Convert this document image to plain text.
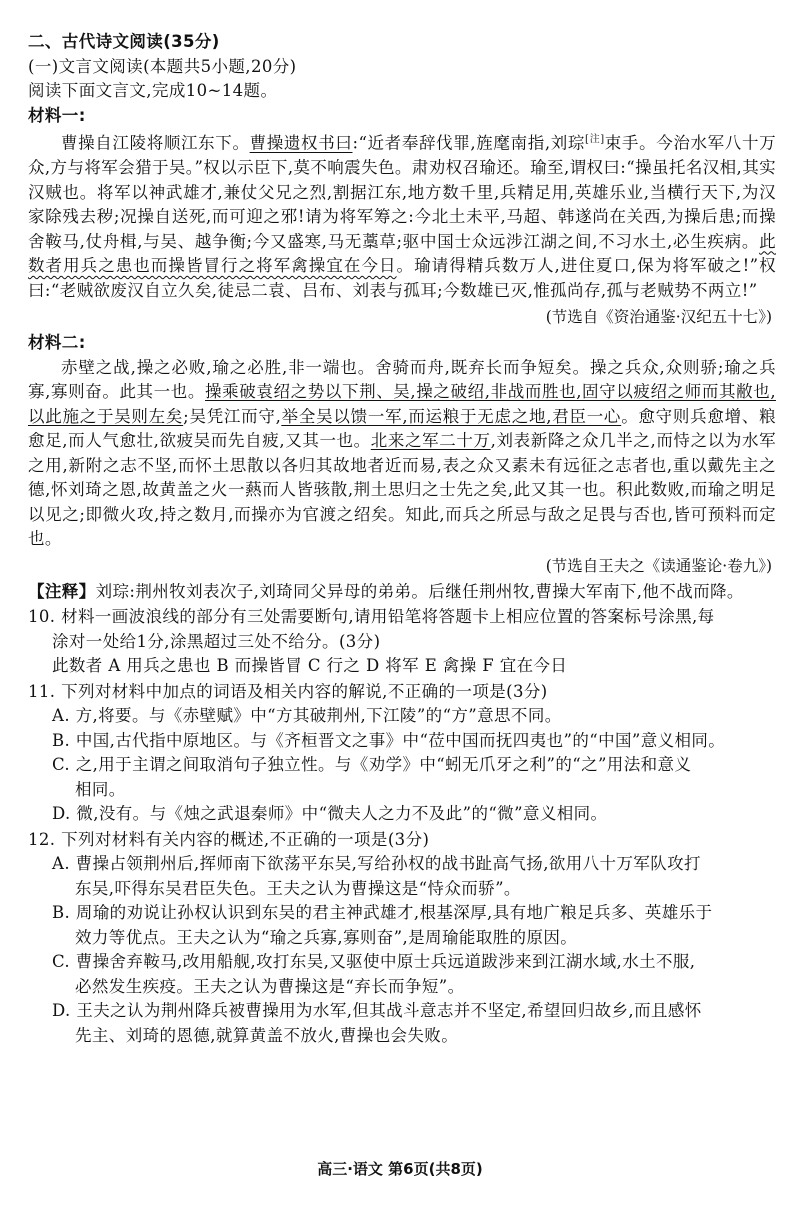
二、古代诗文阅读(35分)
(一)文言文阅读(本题共5小题,20分)
阅读下面文言文,完成10~14题。
材料一:
曹操自江陵将顺江东下。曹操遗权书曰:“近者奉辞伐罪,旌麾南指,刘琮[注]束手。今治水军八十万众,方与将军会猎于吴。”权以示臣下,莫不响震失色。肃劝权召瑜还。瑜至,谓权曰:“操虽托名汉相,其实汉贼也。将军以神武雄才,兼仗父兄之烈,割据江东,地方数千里,兵精足用,英雄乐业,当横行天下,为汉家除残去秽;况操自送死,而可迎之邪!请为将军筹之:今北土未平,马超、韩遂尚在关西,为操后患;而操舍鞍马,仗舟楫,与吴、越争衡;今又盛寒,马无藁草;驱中国士众远涉江湖之间,不习水土,必生疾病。此数者用兵之患也而操皆冒行之将军禽操宜在今日。瑜请得精兵数万人,进住夏口,保为将军破之!”权曰:“老贼欲废汉自立久矣,徒忌二袁、吕布、刘表与孤耳;今数雄已灭,惟孤尚存,孤与老贼势不两立!”
(节选自《资治通鉴·汉纪五十七》)
材料二:
赤壁之战,操之必败,瑜之必胜,非一端也。舍骑而舟,既弃长而争短矣。操之兵众,众则骄;瑜之兵寡,寡则奋。此其一也。操乘破袁绍之势以下荆、吴,操之破绍,非战而胜也,固守以疲绍之师而其敝也,以此施之于吴则左矣;吴凭江而守,举全吴以馈一军,而运粮于无虑之地,君臣一心。愈守则兵愈增、粮愈足,而人气愈壮,欲疲吴而先自疲,又其一也。北来之军二十万,刘表新降之众几半之,而恃之以为水军之用,新附之志不坚,而怀土思散以各归其故地者近而易,表之众又素未有远征之志者也,重以戴先主之德,怀刘琦之恩,故黄盖之火一爇而人皆骇散,荆土思归之士先之矣,此又其一也。积此数败,而瑜之明足以见之;即微火攻,持之数月,而操亦为官渡之绍矣。知此,而兵之所忌与敌之足畏与否也,皆可预料而定也。
(节选自王夫之《读通鉴论·卷九》)
【注释】刘琮:荆州牧刘表次子,刘琦同父异母的弟弟。后继任荆州牧,曹操大军南下,他不战而降。
10. 材料一画波浪线的部分有三处需要断句,请用铅笔将答题卡上相应位置的答案标号涂黑,每
涂对一处给1分,涂黑超过三处不给分。(3分)
此数者 A 用兵之患也 B 而操皆冒 C 行之 D 将军 E 禽操 F 宜在今日
11. 下列对材料中加点的词语及相关内容的解说,不正确的一项是(3分)
A. 方,将要。与《赤壁赋》中“方其破荆州,下江陵”的“方”意思不同。
B. 中国,古代指中原地区。与《齐桓晋文之事》中“莅中国而抚四夷也”的“中国”意义相同。
C. 之,用于主谓之间取消句子独立性。与《劝学》中“蚓无爪牙之利”的“之”用法和意义
相同。
D. 微,没有。与《烛之武退秦师》中“微夫人之力不及此”的“微”意义相同。
12. 下列对材料有关内容的概述,不正确的一项是(3分)
A. 曹操占领荆州后,挥师南下欲荡平东吴,写给孙权的战书趾高气扬,欲用八十万军队攻打
东吴,吓得东吴君臣失色。王夫之认为曹操这是“恃众而骄”。
B. 周瑜的劝说让孙权认识到东吴的君主神武雄才,根基深厚,具有地广粮足兵多、英雄乐于
效力等优点。王夫之认为“瑜之兵寡,寡则奋”,是周瑜能取胜的原因。
C. 曹操舍弃鞍马,改用船舰,攻打东吴,又驱使中原士兵远道跋涉来到江湖水域,水土不服,
必然发生疾疫。王夫之认为曹操这是“弃长而争短”。
D. 王夫之认为荆州降兵被曹操用为水军,但其战斗意志并不坚定,希望回归故乡,而且感怀
先主、刘琦的恩德,就算黄盖不放火,曹操也会失败。
高三·语文 第6页(共8页)
